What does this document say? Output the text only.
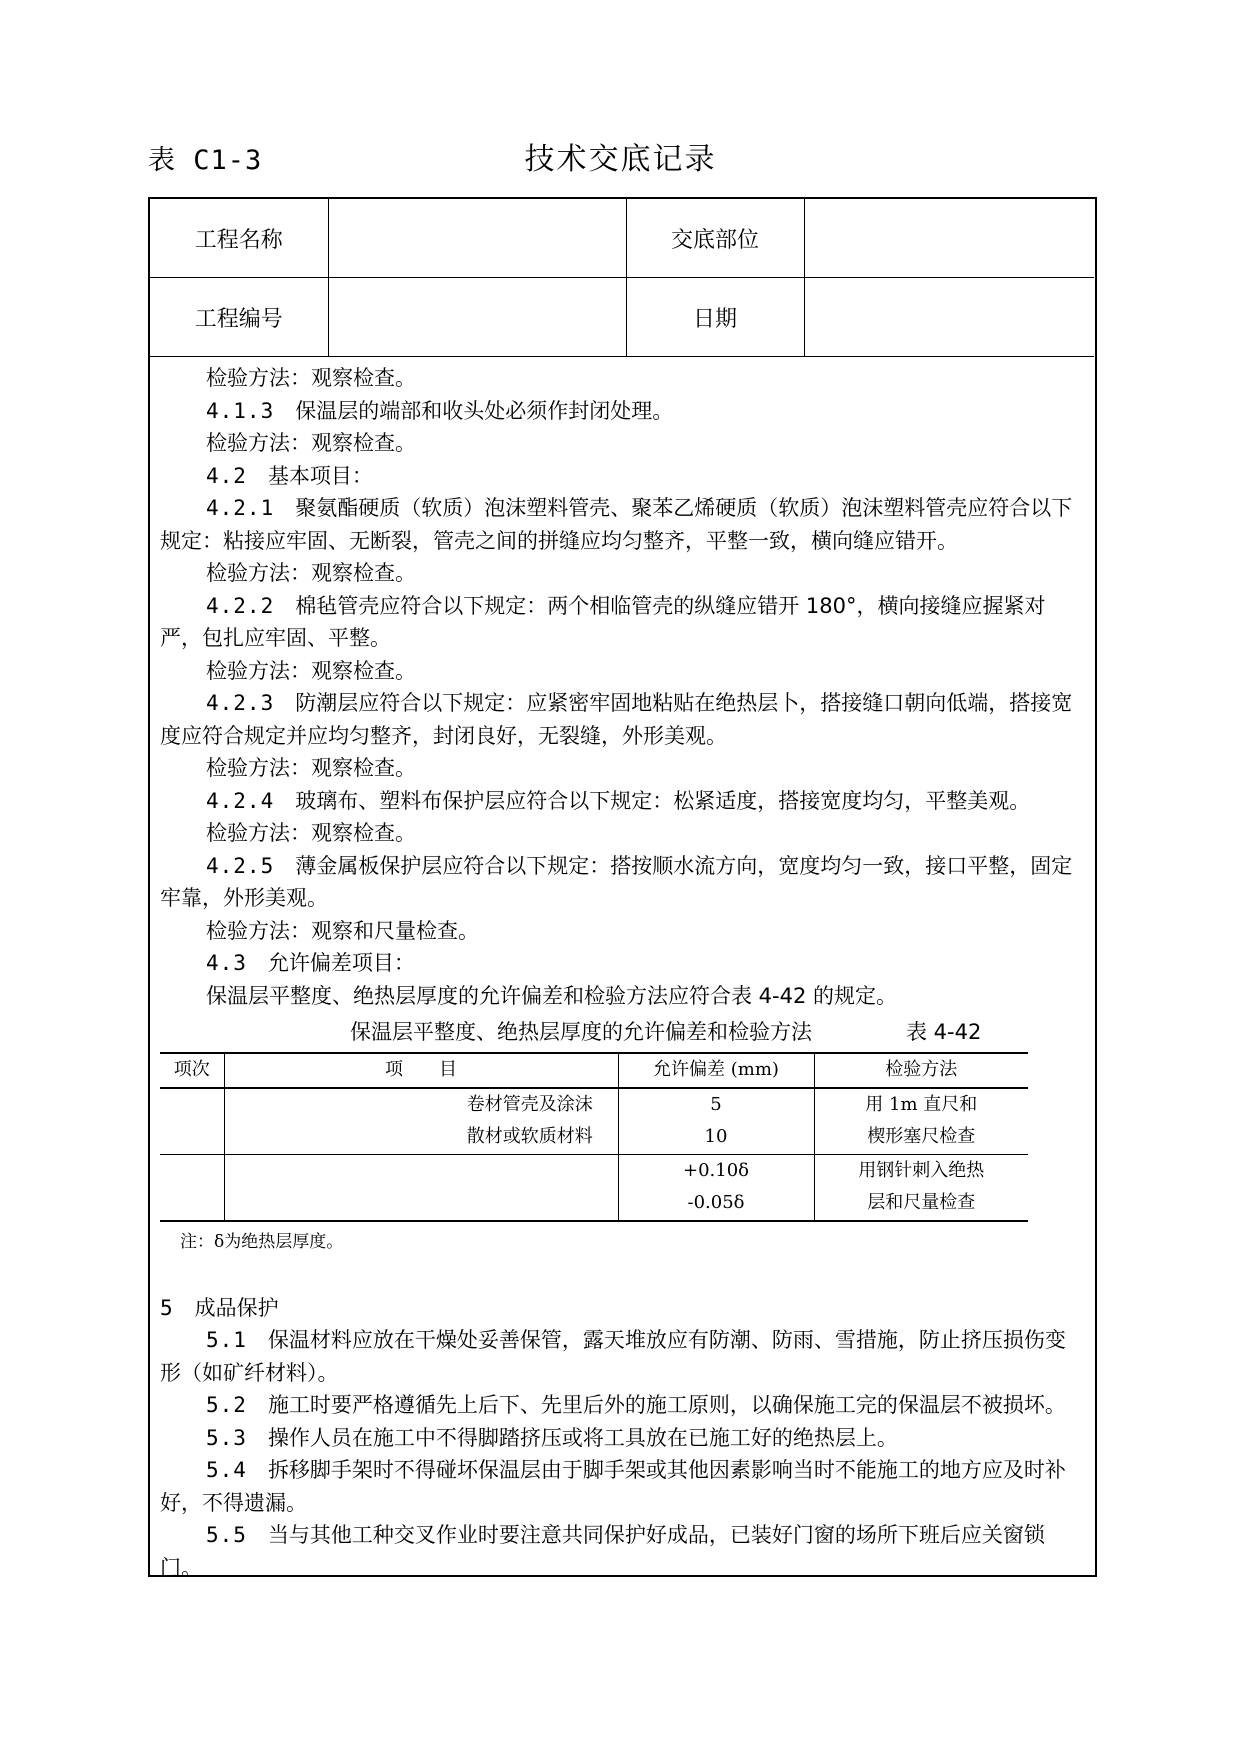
表 C1-3	技术交底记录
工程名称		交底部位	
工程编号		日期	

检验方法：观察检查。

4.1.3　 保温层的端部和收头处必须作封闭处理。

检验方法：观察检查。

4.2　 基本项目：

4.2.1　 聚氨酯硬质（软质）泡沫塑料管壳、聚苯乙烯硬质（软质）泡沫塑料管壳应符合以下规定：粘接应牢固、无断裂，管壳之间的拼缝应均匀整齐，平整一致，横向缝应错开。

检验方法：观察检查。

4.2.2　 棉毡管壳应符合以下规定：两个相临管壳的纵缝应错开 180°，横向接缝应握紧对严，包扎应牢固、平整。

检验方法：观察检查。

4.2.3　 防潮层应符合以下规定：应紧密牢固地粘贴在绝热层卜，搭接缝口朝向低端，搭接宽度应符合规定并应均匀整齐，封闭良好，无裂缝，外形美观。

检验方法：观察检查。

4.2.4　 玻璃布、塑料布保护层应符合以下规定：松紧适度，搭接宽度均匀，平整美观。

检验方法：观察检查。

4.2.5　 薄金属板保护层应符合以下规定：搭按顺水流方向，宽度均匀一致，接口平整，固定牢靠，外形美观。

检验方法：观察和尺量检查。

4.3　 允许偏差项目：

保温层平整度、绝热层厚度的允许偏差和检验方法应符合表 4-42 的规定。

保温层平整度、绝热层厚度的允许偏差和检验方法	表 4-42
项次	项　　目		允许偏差 (mm)	检验方法
		卷材管壳及涂沫	5	用 1m 直尺和
		散材或软质材料	10	楔形塞尺检查
			+0.10δ	用钢针刺入绝热
			-0.05δ	层和尺量检查
注：δ为绝热层厚度。

5　 成品保护

5.1　 保温材料应放在干燥处妥善保管，露天堆放应有防潮、防雨、雪措施，防止挤压损伤变形（如矿纤材料）。

5.2　 施工时要严格遵循先上后下、先里后外的施工原则，以确保施工完的保温层不被损坏。

5.3　 操作人员在施工中不得脚踏挤压或将工具放在已施工好的绝热层上。

5.4　 拆移脚手架时不得碰坏保温层由于脚手架或其他因素影响当时不能施工的地方应及时补好，不得遗漏。

5.5　 当与其他工种交叉作业时要注意共同保护好成品，已装好门窗的场所下班后应关窗锁门。
